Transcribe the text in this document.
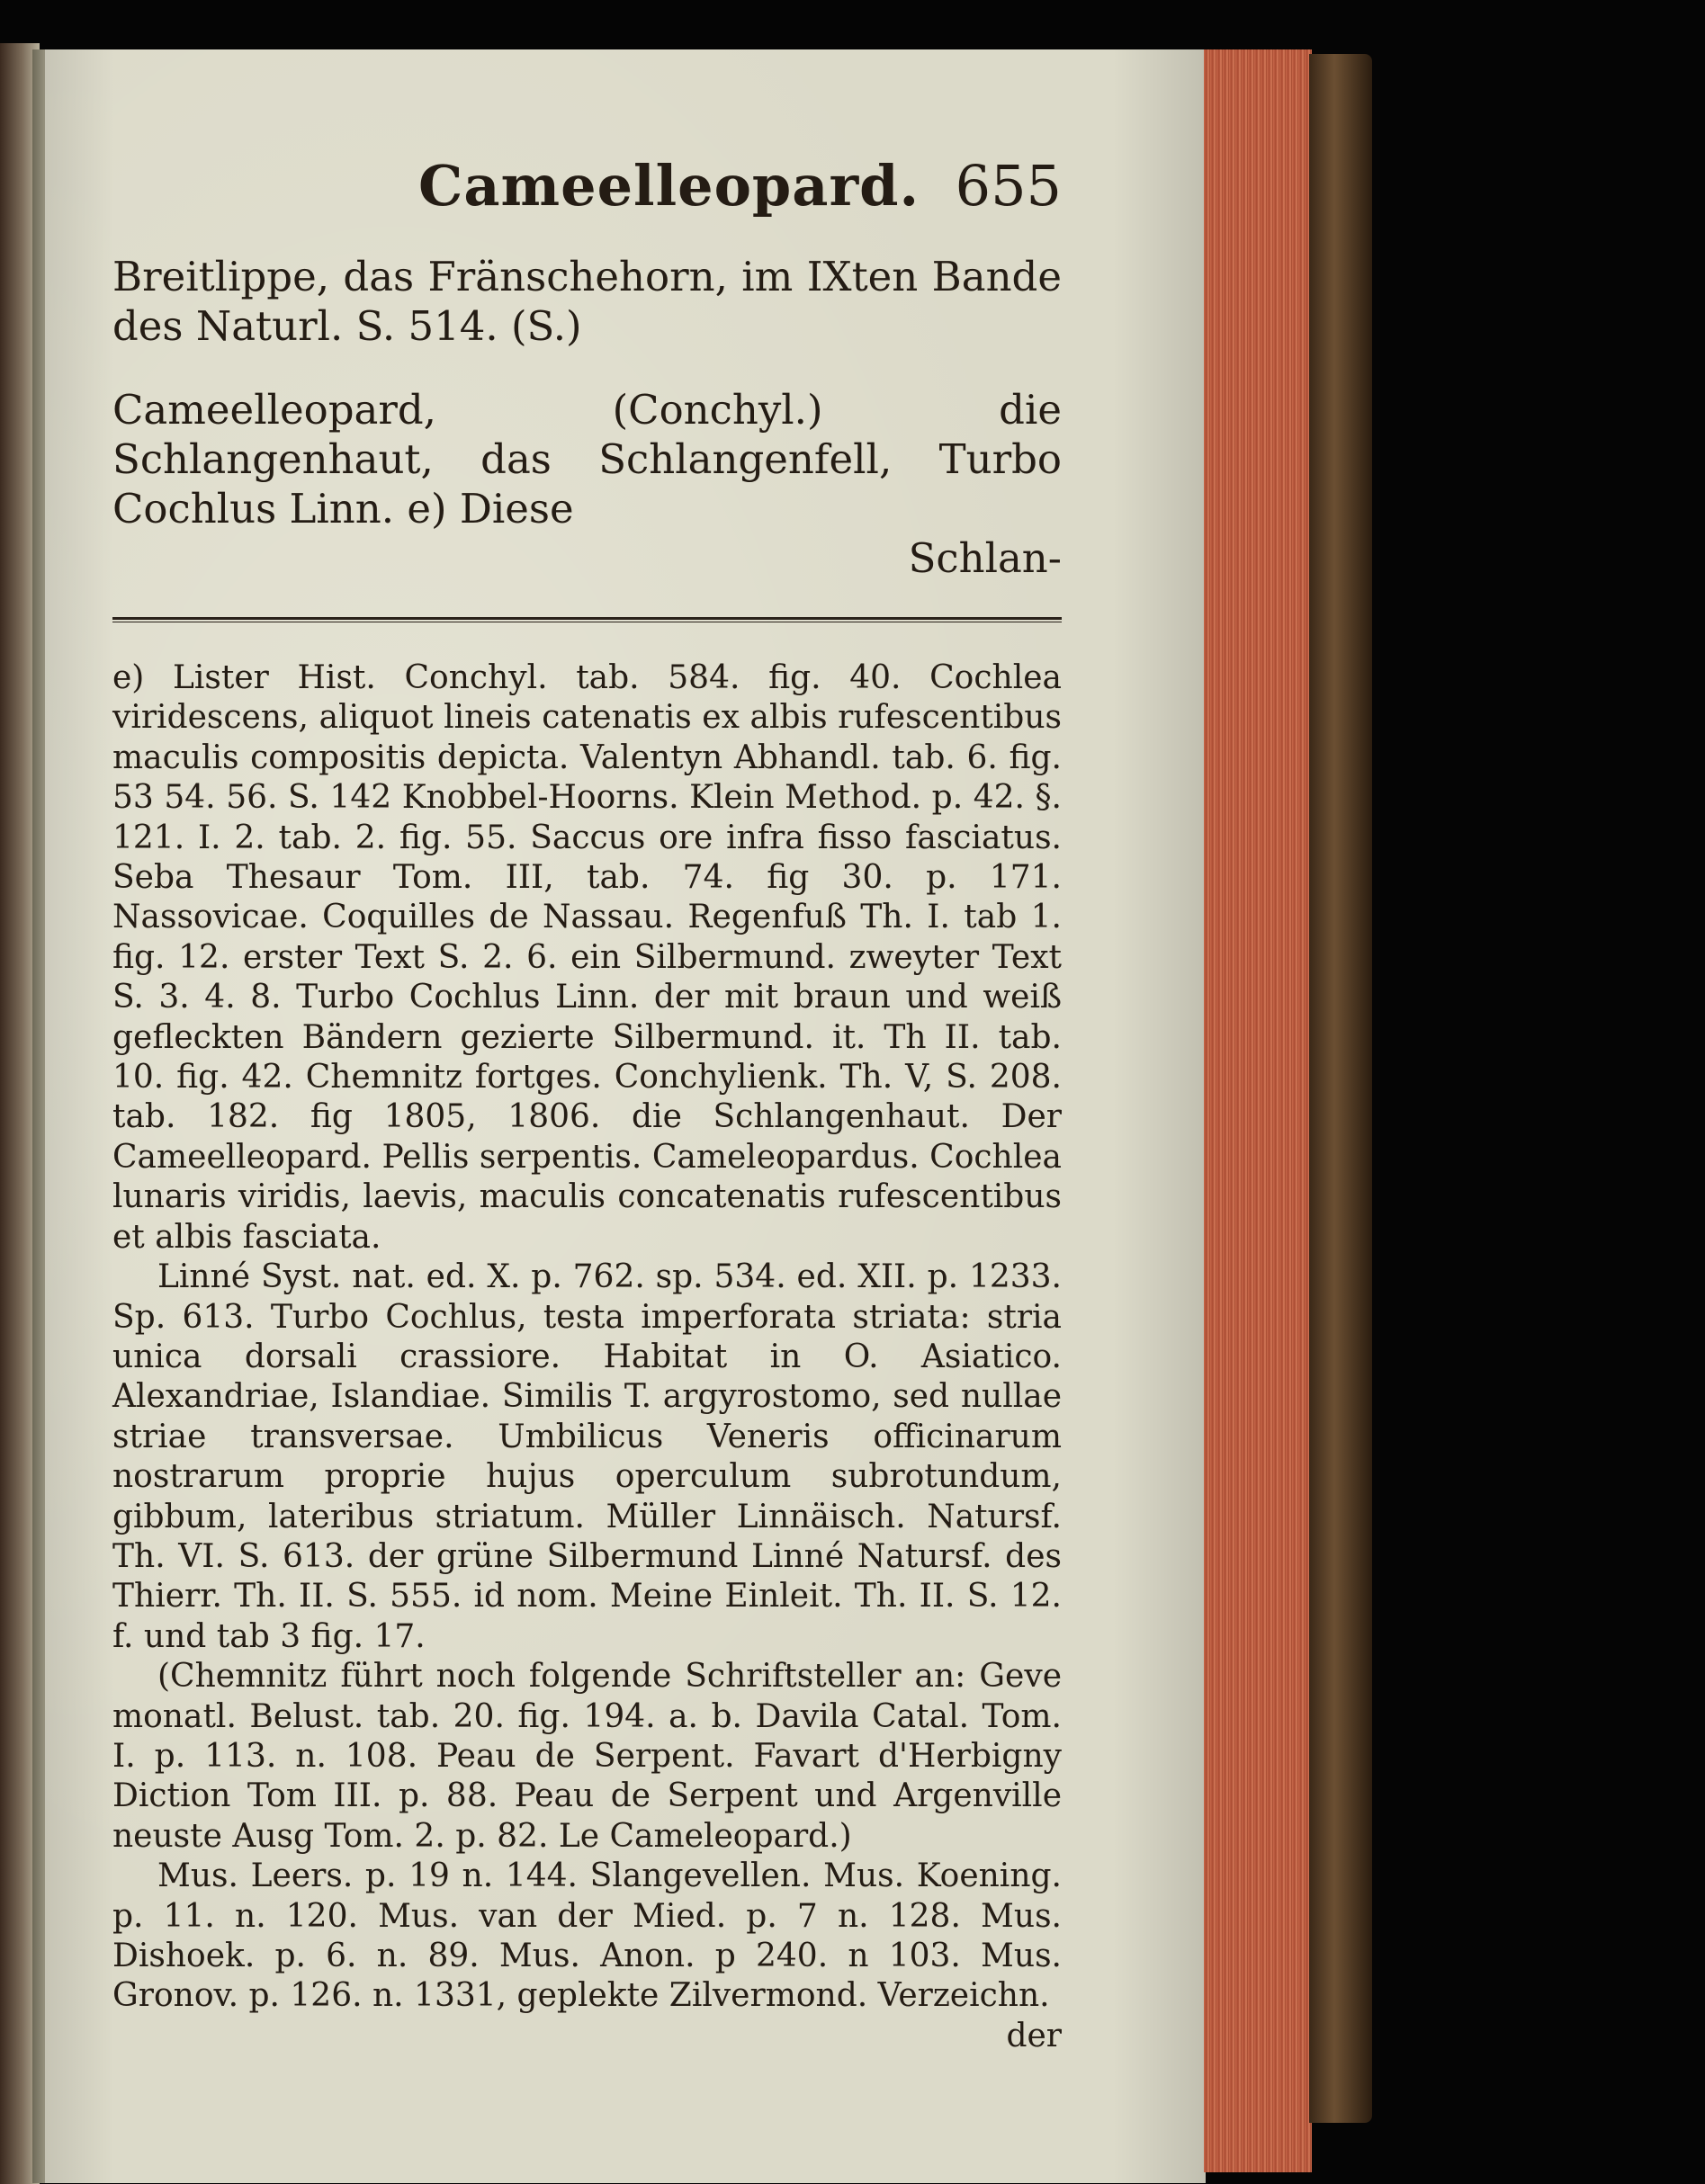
Cameelleopard. 655

Breitlippe, das Fränschehorn, im IXten Bande des Naturl. S. 514. (S.)

Cameelleopard, (Conchyl.) die Schlangenhaut, das Schlangenfell, Turbo Cochlus Linn. e) Diese

Schlan-

e) Lister Hist. Conchyl. tab. 584. fig. 40. Cochlea viridescens, aliquot lineis catenatis ex albis rufescentibus maculis compositis depicta. Valentyn Abhandl. tab. 6. fig. 53 54. 56. S. 142 Knobbel-Hoorns. Klein Method. p. 42. §. 121. I. 2. tab. 2. fig. 55. Saccus ore infra fisso fasciatus. Seba Thesaur Tom. III, tab. 74. fig 30. p. 171. Nassovicae. Coquilles de Nassau. Regenfuß Th. I. tab 1. fig. 12. erster Text S. 2. 6. ein Silbermund. zweyter Text S. 3. 4. 8. Turbo Cochlus Linn. der mit braun und weiß gefleckten Bändern gezierte Silbermund. it. Th II. tab. 10. fig. 42. Chemnitz fortges. Conchylienk. Th. V, S. 208. tab. 182. fig 1805, 1806. die Schlangenhaut. Der Cameelleopard. Pellis serpentis. Cameleopardus. Cochlea lunaris viridis, laevis, maculis concatenatis rufescentibus et albis fasciata.

Linné Syst. nat. ed. X. p. 762. sp. 534. ed. XII. p. 1233. Sp. 613. Turbo Cochlus, testa imperforata striata: stria unica dorsali crassiore. Habitat in O. Asiatico. Alexandriae, Islandiae. Similis T. argyrostomo, sed nullae striae transversae. Umbilicus Veneris officinarum nostrarum proprie hujus operculum subrotundum, gibbum, lateribus striatum. Müller Linnäisch. Natursf. Th. VI. S. 613. der grüne Silbermund Linné Natursf. des Thierr. Th. II. S. 555. id nom. Meine Einleit. Th. II. S. 12. f. und tab 3 fig. 17.

(Chemnitz führt noch folgende Schriftsteller an: Geve monatl. Belust. tab. 20. fig. 194. a. b. Davila Catal. Tom. I. p. 113. n. 108. Peau de Serpent. Favart d'Herbigny Diction Tom III. p. 88. Peau de Serpent und Argenville neuste Ausg Tom. 2. p. 82. Le Cameleopard.)

Mus. Leers. p. 19 n. 144. Slangevellen. Mus. Koening. p. 11. n. 120. Mus. van der Mied. p. 7 n. 128. Mus. Dishoek. p. 6. n. 89. Mus. Anon. p 240. n 103. Mus. Gronov. p. 126. n. 1331, geplekte Zilvermond. Verzeichn.

der
